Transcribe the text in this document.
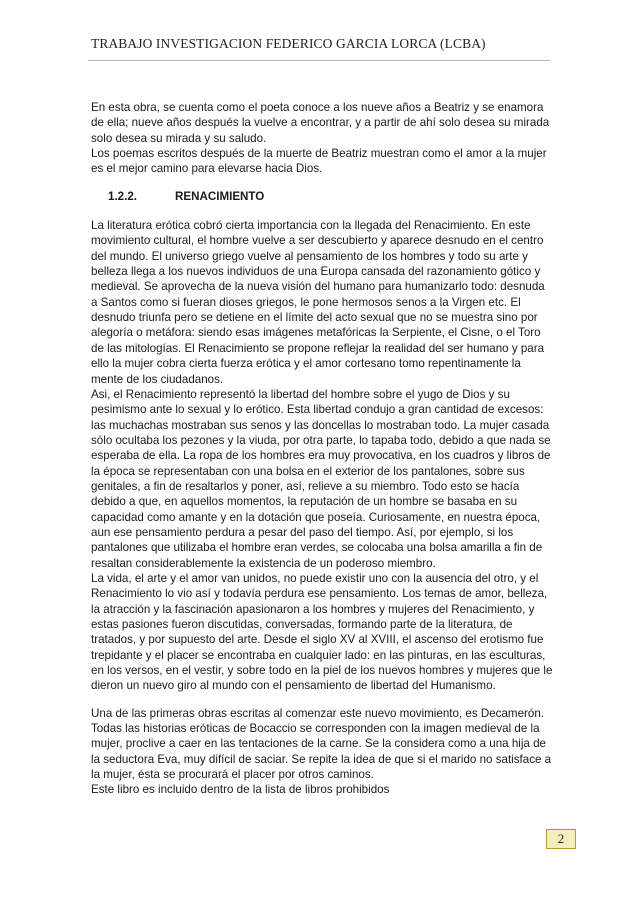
TRABAJO INVESTIGACION FEDERICO GARCIA LORCA (LCBA)

En esta obra, se cuenta como el poeta conoce a los nueve años a Beatriz y se enamora de ella; nueve años después la vuelve a encontrar, y a partir de ahí solo desea su mirada solo desea su mirada y su saludo.

Los poemas escritos después de la muerte de Beatriz muestran como el amor a la mujer es el mejor camino para elevarse hacia Dios.

1.2.2.	RENACIMIENTO

La literatura erótica cobró cierta importancia con la llegada del Renacimiento. En este movimiento cultural, el hombre vuelve a ser descubierto y aparece desnudo en el centro del mundo. El universo griego vuelve al pensamiento de los hombres y todo su arte y belleza llega a los nuevos individuos de una Europa cansada del razonamiento gótico y medieval. Se aprovecha de la nueva visión del humano para humanizarlo todo: desnuda a Santos como si fueran dioses griegos, le pone hermosos senos a la Virgen etc. El desnudo triunfa pero se detiene en el límite del acto sexual que no se muestra sino por alegoría o metáfora: siendo esas imágenes metafóricas la Serpiente, el Cisne, o el Toro de las mitologías. El Renacimiento se propone reflejar la realidad del ser humano y para ello la mujer cobra cierta fuerza erótica y el amor cortesano tomo repentinamente la mente de los ciudadanos.

Asi, el Renacimiento representó la libertad del hombre sobre el yugo de Dios y su pesimismo ante lo sexual y lo erótico. Esta libertad condujo a gran cantidad de excesos: las muchachas mostraban sus senos y las doncellas lo mostraban todo. La mujer casada sólo ocultaba los pezones y la viuda, por otra parte, lo tapaba todo, debido a que nada se esperaba de ella. La ropa de los hombres era muy provocativa, en los cuadros y libros de la época se representaban con una bolsa en el exterior de los pantalones, sobre sus genitales, a fin de resaltarlos y poner, así, relieve a su miembro. Todo esto se hacía debido a que, en aquellos momentos, la reputación de un hombre se basaba en su capacidad como amante y en la dotación que poseía. Curiosamente, en nuestra época, aun ese pensamiento perdura a pesar del paso del tiempo. Así, por ejemplo, si los pantalones que utilizaba el hombre eran verdes, se colocaba una bolsa amarilla a fin de resaltan considerablemente la existencia de un poderoso miembro.

La vida, el arte y el amor van unidos, no puede existir uno con la ausencia del otro, y el Renacimiento lo vio así y todavía perdura ese pensamiento. Los temas de amor, belleza, la atracción y la fascinación apasionaron a los hombres y mujeres del Renacimiento, y estas pasiones fueron discutidas, conversadas, formando parte de la literatura, de tratados, y por supuesto del arte. Desde el siglo XV al XVIII, el ascenso del erotismo fue trepidante y el placer se encontraba en cualquier lado: en las pinturas, en las esculturas, en los versos, en el vestir, y sobre todo en la piel de los nuevos hombres y mujeres que le dieron un nuevo giro al mundo con el pensamiento de libertad del Humanismo.

Una de las primeras obras escritas al comenzar este nuevo movimiento, es Decamerón.

Todas las historias eróticas de Bocaccio se corresponden con la imagen medieval de la mujer, proclive a caer en las tentaciones de la carne. Se la considera como a una hija de la seductora Eva, muy difícil de saciar. Se repite la idea de que si el marido no satisface a la mujer, ésta se procurará el placer por otros caminos.

Este libro es incluido dentro de la lista de libros prohibidos

2
